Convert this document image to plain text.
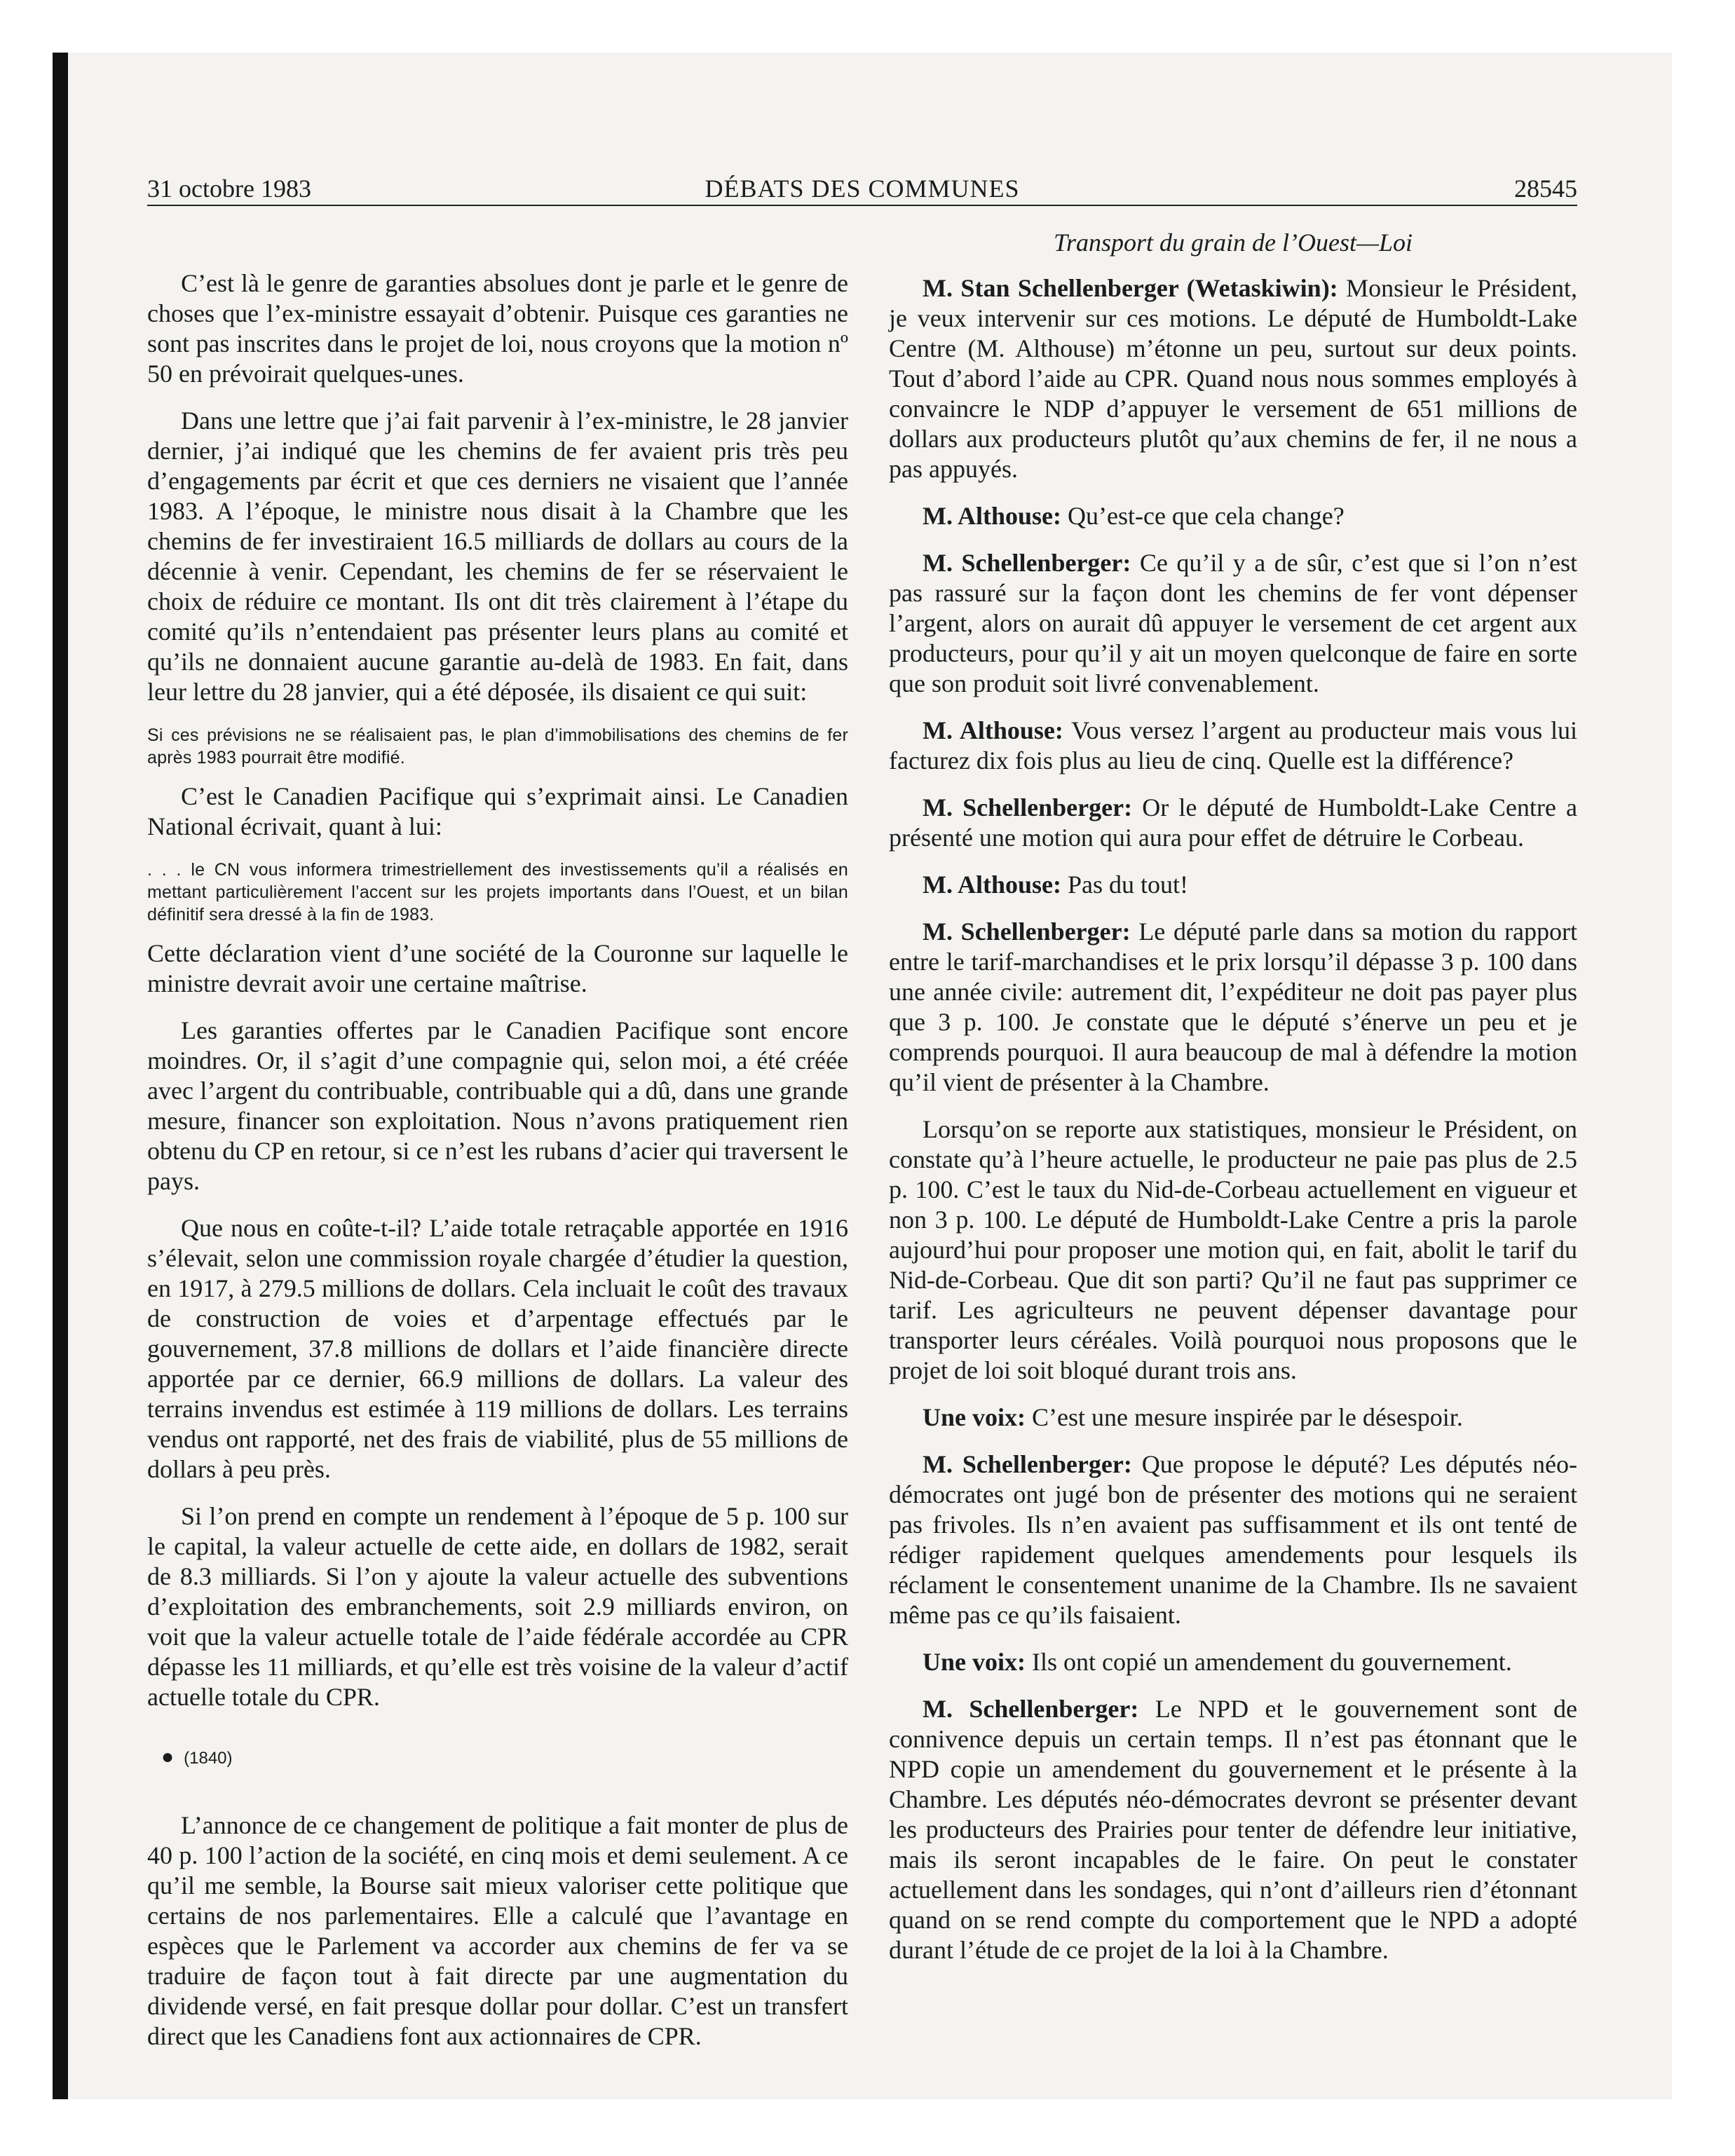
31 octobre 1983	DÉBATS DES COMMUNES	28545

C’est là le genre de garanties absolues dont je parle et le genre de choses que l’ex-ministre essayait d’obtenir. Puisque ces garanties ne sont pas inscrites dans le projet de loi, nous croyons que la motion nº 50 en prévoirait quelques-unes.

Dans une lettre que j’ai fait parvenir à l’ex-ministre, le 28 janvier dernier, j’ai indiqué que les chemins de fer avaient pris très peu d’engagements par écrit et que ces derniers ne visaient que l’année 1983. A l’époque, le ministre nous disait à la Chambre que les chemins de fer investiraient 16.5 milliards de dollars au cours de la décennie à venir. Cependant, les chemins de fer se réservaient le choix de réduire ce montant. Ils ont dit très clairement à l’étape du comité qu’ils n’entendaient pas présenter leurs plans au comité et qu’ils ne donnaient aucune garantie au-delà de 1983. En fait, dans leur lettre du 28 janvier, qui a été déposée, ils disaient ce qui suit:

Si ces prévisions ne se réalisaient pas, le plan d’immobilisations des chemins de fer après 1983 pourrait être modifié.

C’est le Canadien Pacifique qui s’exprimait ainsi. Le Canadien National écrivait, quant à lui:

. . . le CN vous informera trimestriellement des investissements qu’il a réalisés en mettant particulièrement l’accent sur les projets importants dans l’Ouest, et un bilan définitif sera dressé à la fin de 1983.

Cette déclaration vient d’une société de la Couronne sur laquelle le ministre devrait avoir une certaine maîtrise.

Les garanties offertes par le Canadien Pacifique sont encore moindres. Or, il s’agit d’une compagnie qui, selon moi, a été créée avec l’argent du contribuable, contribuable qui a dû, dans une grande mesure, financer son exploitation. Nous n’avons pratiquement rien obtenu du CP en retour, si ce n’est les rubans d’acier qui traversent le pays.

Que nous en coûte-t-il? L’aide totale retraçable apportée en 1916 s’élevait, selon une commission royale chargée d’étudier la question, en 1917, à 279.5 millions de dollars. Cela incluait le coût des travaux de construction de voies et d’arpentage effectués par le gouvernement, 37.8 millions de dollars et l’aide financière directe apportée par ce dernier, 66.9 millions de dollars. La valeur des terrains invendus est estimée à 119 millions de dollars. Les terrains vendus ont rapporté, net des frais de viabilité, plus de 55 millions de dollars à peu près.

Si l’on prend en compte un rendement à l’époque de 5 p. 100 sur le capital, la valeur actuelle de cette aide, en dollars de 1982, serait de 8.3 milliards. Si l’on y ajoute la valeur actuelle des subventions d’exploitation des embranchements, soit 2.9 milliards environ, on voit que la valeur actuelle totale de l’aide fédérale accordée au CPR dépasse les 11 milliards, et qu’elle est très voisine de la valeur d’actif actuelle totale du CPR.

● (1840)

L’annonce de ce changement de politique a fait monter de plus de 40 p. 100 l’action de la société, en cinq mois et demi seulement. A ce qu’il me semble, la Bourse sait mieux valoriser cette politique que certains de nos parlementaires. Elle a calculé que l’avantage en espèces que le Parlement va accorder aux chemins de fer va se traduire de façon tout à fait directe par une augmentation du dividende versé, en fait presque dollar pour dollar. C’est un transfert direct que les Canadiens font aux actionnaires de CPR.

Transport du grain de l’Ouest—Loi

M. Stan Schellenberger (Wetaskiwin): Monsieur le Président, je veux intervenir sur ces motions. Le député de Humboldt-Lake Centre (M. Althouse) m’étonne un peu, surtout sur deux points. Tout d’abord l’aide au CPR. Quand nous nous sommes employés à convaincre le NDP d’appuyer le versement de 651 millions de dollars aux producteurs plutôt qu’aux chemins de fer, il ne nous a pas appuyés.

M. Althouse: Qu’est-ce que cela change?

M. Schellenberger: Ce qu’il y a de sûr, c’est que si l’on n’est pas rassuré sur la façon dont les chemins de fer vont dépenser l’argent, alors on aurait dû appuyer le versement de cet argent aux producteurs, pour qu’il y ait un moyen quelconque de faire en sorte que son produit soit livré convenablement.

M. Althouse: Vous versez l’argent au producteur mais vous lui facturez dix fois plus au lieu de cinq. Quelle est la différence?

M. Schellenberger: Or le député de Humboldt-Lake Centre a présenté une motion qui aura pour effet de détruire le Corbeau.

M. Althouse: Pas du tout!

M. Schellenberger: Le député parle dans sa motion du rapport entre le tarif-marchandises et le prix lorsqu’il dépasse 3 p. 100 dans une année civile: autrement dit, l’expéditeur ne doit pas payer plus que 3 p. 100. Je constate que le député s’énerve un peu et je comprends pourquoi. Il aura beaucoup de mal à défendre la motion qu’il vient de présenter à la Chambre.

Lorsqu’on se reporte aux statistiques, monsieur le Président, on constate qu’à l’heure actuelle, le producteur ne paie pas plus de 2.5 p. 100. C’est le taux du Nid-de-Corbeau actuellement en vigueur et non 3 p. 100. Le député de Humboldt-Lake Centre a pris la parole aujourd’hui pour proposer une motion qui, en fait, abolit le tarif du Nid-de-Corbeau. Que dit son parti? Qu’il ne faut pas supprimer ce tarif. Les agriculteurs ne peuvent dépenser davantage pour transporter leurs céréales. Voilà pourquoi nous proposons que le projet de loi soit bloqué durant trois ans.

Une voix: C’est une mesure inspirée par le désespoir.

M. Schellenberger: Que propose le député? Les députés néo-démocrates ont jugé bon de présenter des motions qui ne seraient pas frivoles. Ils n’en avaient pas suffisamment et ils ont tenté de rédiger rapidement quelques amendements pour lesquels ils réclament le consentement unanime de la Chambre. Ils ne savaient même pas ce qu’ils faisaient.

Une voix: Ils ont copié un amendement du gouvernement.

M. Schellenberger: Le NPD et le gouvernement sont de connivence depuis un certain temps. Il n’est pas étonnant que le NPD copie un amendement du gouvernement et le présente à la Chambre. Les députés néo-démocrates devront se présenter devant les producteurs des Prairies pour tenter de défendre leur initiative, mais ils seront incapables de le faire. On peut le constater actuellement dans les sondages, qui n’ont d’ailleurs rien d’étonnant quand on se rend compte du comportement que le NPD a adopté durant l’étude de ce projet de la loi à la Chambre.
